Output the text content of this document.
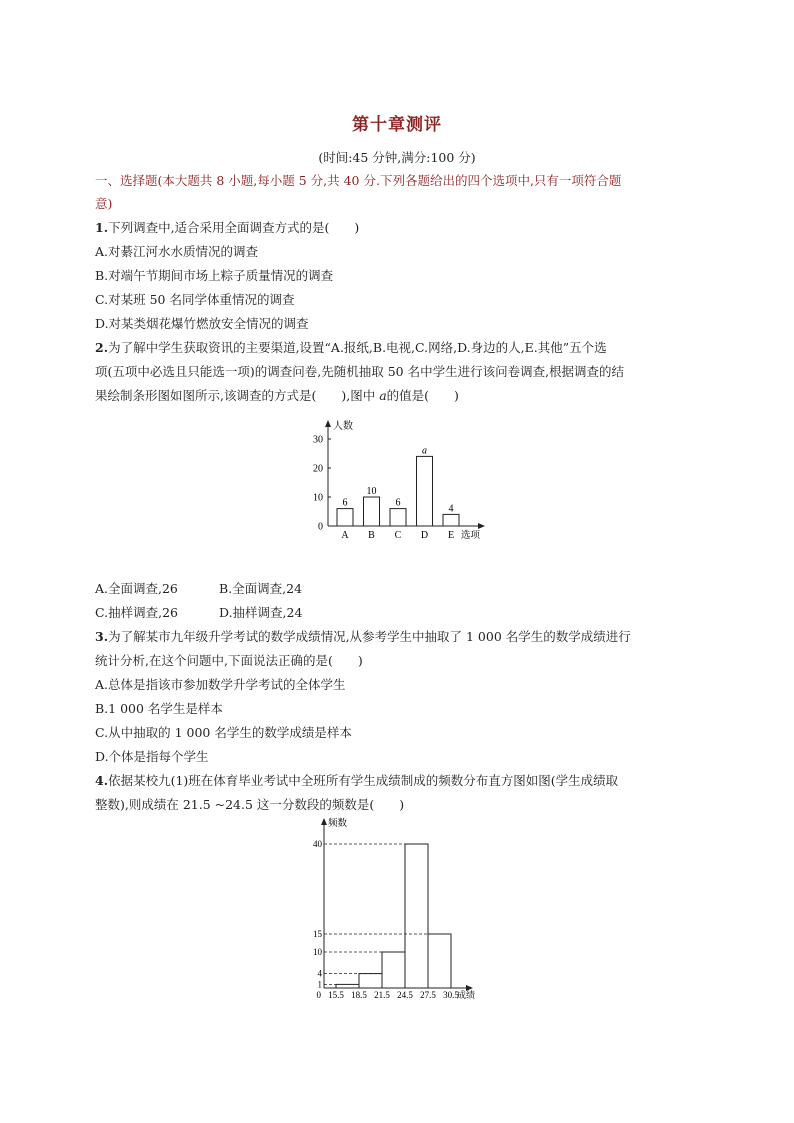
第十章测评
(时间:45 分钟,满分:100 分)
一、选择题(本大题共 8 小题,每小题 5 分,共 40 分.下列各题给出的四个选项中,只有一项符合题
意)
1.下列调查中,适合采用全面调查方式的是(　　)
A.对綦江河水水质情况的调查
B.对端午节期间市场上粽子质量情况的调查
C.对某班 50 名同学体重情况的调查
D.对某类烟花爆竹燃放安全情况的调查
2.为了解中学生获取资讯的主要渠道,设置“A.报纸,B.电视,C.网络,D.身边的人,E.其他”五个选
项(五项中必选且只能选一项)的调查问卷,先随机抽取 50 名中学生进行该问卷调查,根据调查的结
果绘制条形图如图所示,该调查的方式是(　　),图中 a的值是(　　)
0
10
20
30
人数
选项
6
A
10
B
6
C
a
D
4
E
A.全面调查,26	B.全面调查,24
C.抽样调查,26	D.抽样调查,24
3.为了解某市九年级升学考试的数学成绩情况,从参考学生中抽取了 1 000 名学生的数学成绩进行
统计分析,在这个问题中,下面说法正确的是(　　)
A.总体是指该市参加数学升学考试的全体学生
B.1 000 名学生是样本
C.从中抽取的 1 000 名学生的数学成绩是样本
D.个体是指每个学生
4.依据某校九(1)班在体育毕业考试中全班所有学生成绩制成的频数分布直方图如图(学生成绩取
整数),则成绩在 21.5 ~24.5 这一分数段的频数是(　　)
频数
0
1
4
10
15
40
15.5 18.5 21.5 24.5 27.5 30.5
成绩
